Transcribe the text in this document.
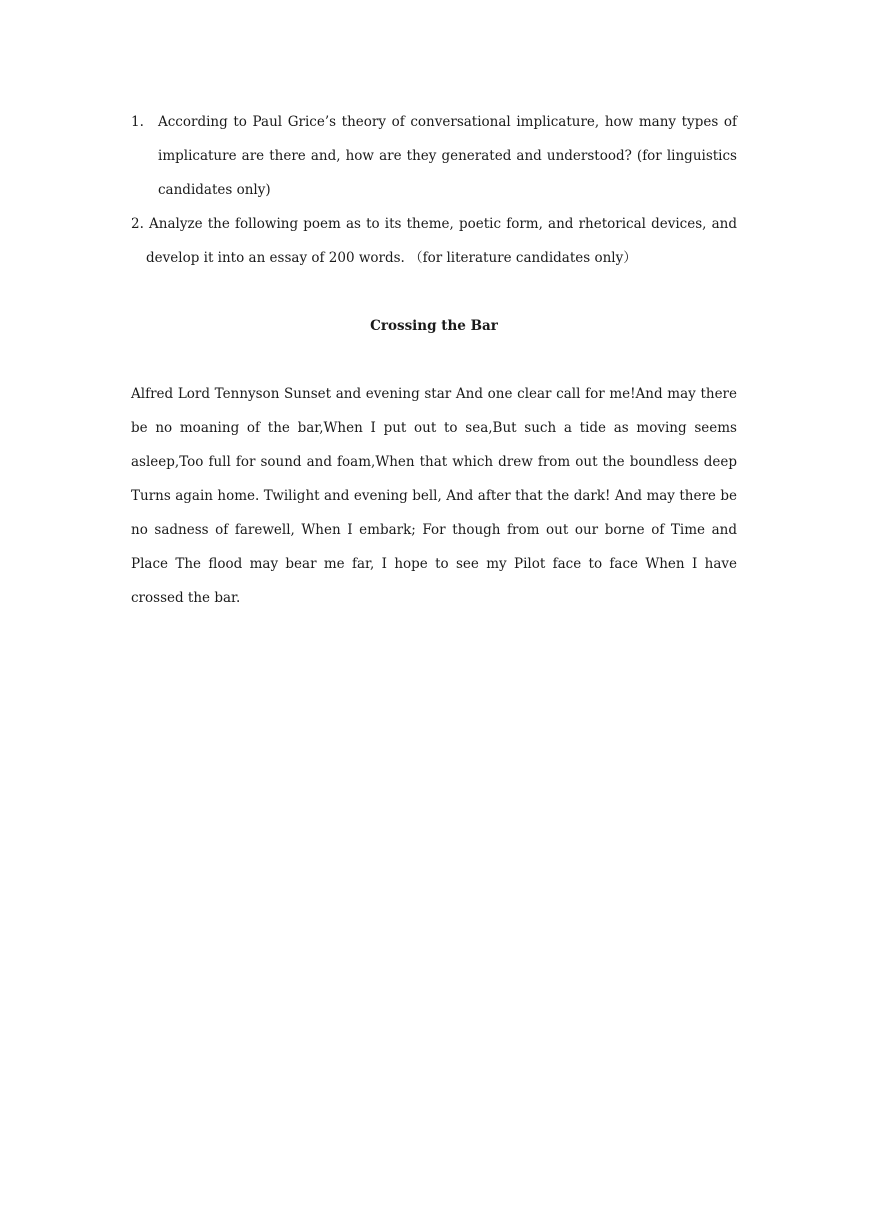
1. According to Paul Grice’s theory of conversational implicature, how many types of implicature are there and, how are they generated and understood? (for linguistics candidates only)

2. Analyze the following poem as to its theme, poetic form, and rhetorical devices, and develop it into an essay of 200 words. （for literature candidates only）

Crossing the Bar

Alfred Lord Tennyson Sunset and evening star And one clear call for me!And may there be no moaning of the bar,When I put out to sea,But such a tide as moving seems asleep,Too full for sound and foam,When that which drew from out the boundless deep Turns again home. Twilight and evening bell, And after that the dark! And may there be no sadness of farewell, When I embark; For though from out our borne of Time and Place The flood may bear me far, I hope to see my Pilot face to face When I have crossed the bar.
